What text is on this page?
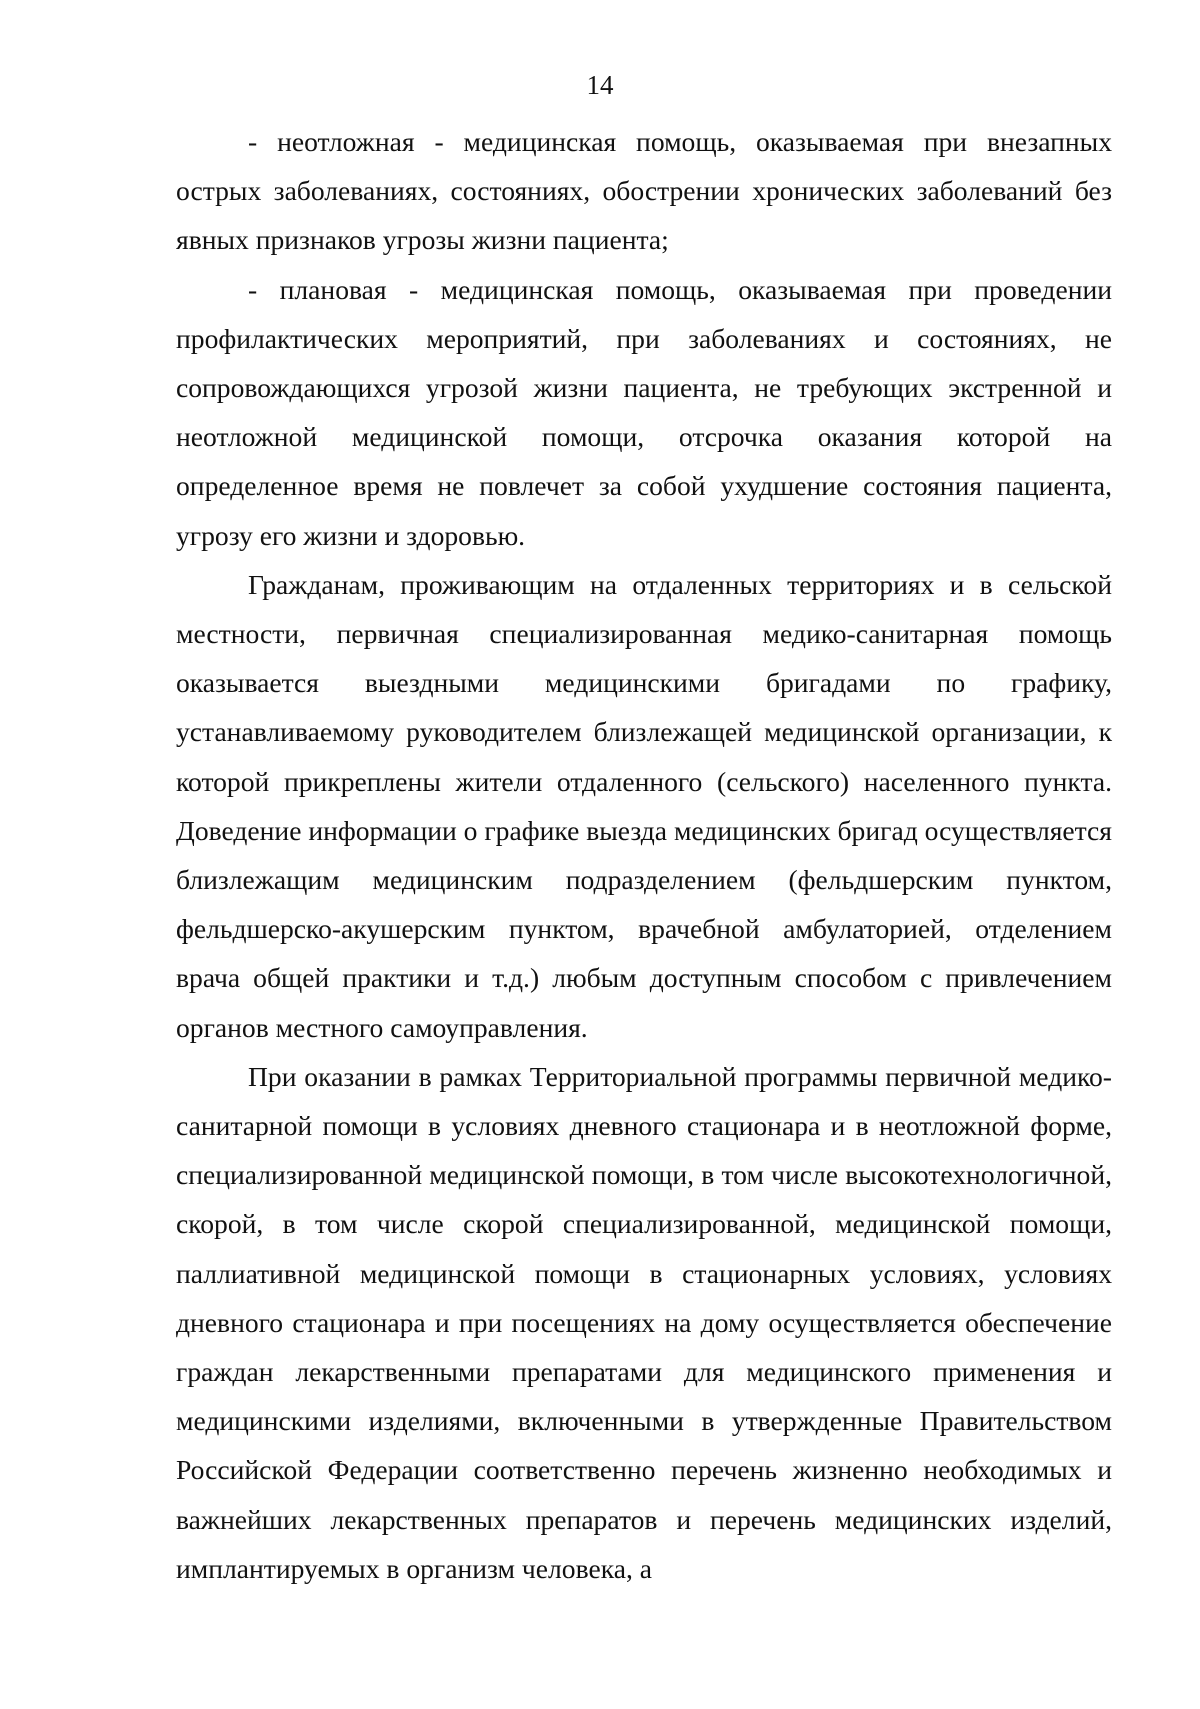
14

- неотложная - медицинская помощь, оказываемая при внезапных острых заболеваниях, состояниях, обострении хронических заболеваний без явных признаков угрозы жизни пациента;

- плановая - медицинская помощь, оказываемая при проведении профилактических мероприятий, при заболеваниях и состояниях, не сопровождающихся угрозой жизни пациента, не требующих экстренной и неотложной медицинской помощи, отсрочка оказания которой на определенное время не повлечет за собой ухудшение состояния пациента, угрозу его жизни и здоровью.

Гражданам, проживающим на отдаленных территориях и в сельской местности, первичная специализированная медико-санитарная помощь оказывается выездными медицинскими бригадами по графику, устанавливаемому руководителем близлежащей медицинской организации, к которой прикреплены жители отдаленного (сельского) населенного пункта. Доведение информации о графике выезда медицинских бригад осуществляется близлежащим медицинским подразделением (фельдшерским пунктом, фельдшерско-акушерским пунктом, врачебной амбулаторией, отделением врача общей практики и т.д.) любым доступным способом с привлечением органов местного самоуправления.

При оказании в рамках Территориальной программы первичной медико-санитарной помощи в условиях дневного стационара и в неотложной форме, специализированной медицинской помощи, в том числе высокотехнологичной, скорой, в том числе скорой специализированной, медицинской помощи, паллиативной медицинской помощи в стационарных условиях, условиях дневного стационара и при посещениях на дому осуществляется обеспечение граждан лекарственными препаратами для медицинского применения и медицинскими изделиями, включенными в утвержденные Правительством Российской Федерации соответственно перечень жизненно необходимых и важнейших лекарственных препаратов и перечень медицинских изделий, имплантируемых в организм человека, а
